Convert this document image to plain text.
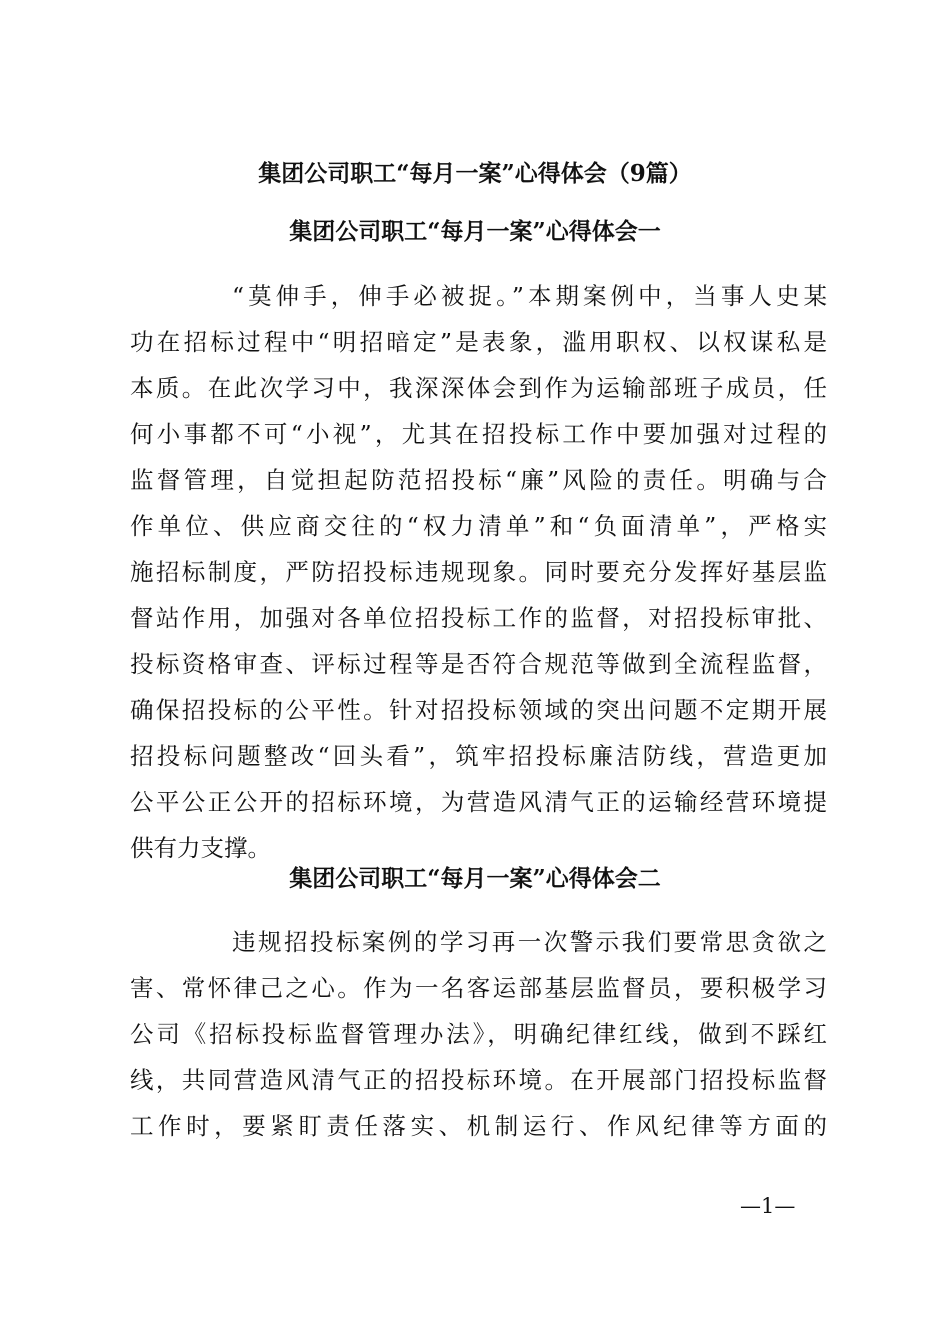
集团公司职工“每月一案”心得体会（9篇）
集团公司职工“每月一案”心得体会一
“莫伸手，伸手必被捉。”本期案例中，当事人史某
功在招标过程中“明招暗定”是表象，滥用职权、以权谋私是
本质。在此次学习中，我深深体会到作为运输部班子成员，任
何小事都不可“小视”，尤其在招投标工作中要加强对过程的
监督管理，自觉担起防范招投标“廉”风险的责任。明确与合
作单位、供应商交往的“权力清单”和“负面清单”，严格实
施招标制度，严防招投标违规现象。同时要充分发挥好基层监
督站作用，加强对各单位招投标工作的监督，对招投标审批、
投标资格审查、评标过程等是否符合规范等做到全流程监督，
确保招投标的公平性。针对招投标领域的突出问题不定期开展
招投标问题整改“回头看”，筑牢招投标廉洁防线，营造更加
公平公正公开的招标环境，为营造风清气正的运输经营环境提
供有力支撑。
集团公司职工“每月一案”心得体会二
违规招投标案例的学习再一次警示我们要常思贪欲之
害、常怀律己之心。作为一名客运部基层监督员，要积极学习
公司《招标投标监督管理办法》，明确纪律红线，做到不踩红
线，共同营造风清气正的招投标环境。在开展部门招投标监督
工作时，要紧盯责任落实、机制运行、作风纪律等方面的
—1—
